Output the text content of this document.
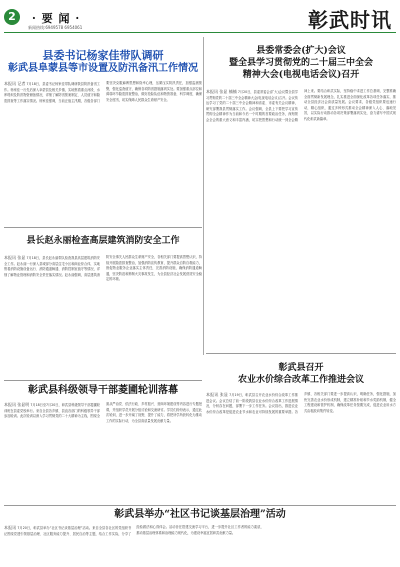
2	· 要 闻 ·
新闻热线:6949578 6954061	彰武时讯
县委书记杨家佳带队调研
彰武县阜蒙县等市设置及防汛备汛工作情况
本报讯 记者 7月18日，县委书记杨家佳带队调研我县防汛备汛工作。杨家佳一行先后深入阜蒙县及相关乡镇，实地察看重点河段、水库堤坝及防汛物资储备情况，详细了解防汛预案制定、人员值守和隐患排查等工作落实情况。杨家佳强调，当前正值主汛期，各级各部门要坚决克服麻痹思想和侥幸心理，压紧压实防汛责任，加强监测预警，强化巡查值守，确保各项防汛措施落到实处。要加强重点部位和薄弱环节隐患排查整治，做好抢险队伍和物资准备，科学调度，确保安全度汛，切实保障人民群众生命财产安全。
县长赵永丽检查高层建筑消防安全工作
本报讯 张显 7月18日，县长赵永丽带队检查我县高层建筑消防安全工作。赵永丽一行深入县城部分高层住宅小区和商业综合体，实地察看消防设施设备运行、消防通道畅通、消防控制室值守等情况，详细了解物业管理和消防安全责任落实情况。赵永丽强调，高层建筑消防安全事关人民群众生命财产安全，各相关部门要提高思想认识，持续开展隐患排查整治，加强消防宣传教育，提升群众自防自救能力，督促物业服务企业落实主体责任，完善消防设施，确保消防通道畅通，坚决防范和遏制火灾事故发生，为全县经济社会发展营造安全稳定的环境。
县委常委会(扩大)会议
暨全县学习贯彻党的二十届三中全会
精神大会(电视电话会议)召开
本报讯 张显 楠楠 7月20日，县委常委会(扩大)会议暨全县学习贯彻党的二十届三中全会精神大会(电视电话会议)召开。会议传达学习了党的二十届三中全会精神和省委、市委有关会议精神，研究部署我县贯彻落实工作。会议强调，全县上下要把学习宣传贯彻全会精神作为当前和今后一个时期的首要政治任务，深刻领会全会的重大意义和丰富内涵，切实把思想和行动统一到全会精神上来。要结合彰武实际，坚持稳中求进工作总基调，完整准确全面贯彻新发展理念，扎实推进全面深化改革各项任务落实，推动全县经济社会高质量发展。会议要求，各级党组织要迅速行动，精心组织，通过多种形式推动全会精神深入人心、落地见效，以实际行动推动各项决策部署落到实处，奋力谱写中国式现代化彰武新篇章。
彰武县科级领导干部菱圃轮训落幕
本报讯 张显明 7月18日至7月20日，彰武县科级领导干部菱圃轮训班在县委党校举行。来自全县各乡镇、县直各部门的科级领导干部参加轮训。此次轮训以深入学习贯彻党的二十大精神为主线，围绕全面从严治党、依法行政、乡村振兴、营商环境建设等内容进行专题授课，并组织学员开展分组讨论和交流研讨。学员们纷纷表示，通过此次轮训，进一步开阔了视野，提升了能力，将把所学所获转化为推动工作的实际行动，为全县高质量发展贡献力量。
彰武县召开
农业水价综合改革工作推进会议
本报讯 张显 7月19日，彰武县召开农业水价综合改革工作推进会议。会议总结了前一阶段我县农业水价综合改革工作进展情况，分析存在问题，部署下一步工作任务。会议指出，推进农业水价综合改革是促进农业节水和农业可持续发展的重要举措。各乡镇、各相关部门要进一步提高认识，明确任务，强化措施，加快完善农业水价形成机制，建立精准补贴和节水奖励机制，健全工程建设和管护机制，确保改革任务按期完成，促进农业用水方式由粗放向集约转变。
彰武县举办“社区书记谈基层治理”活动
本报讯 7月20日，彰武县举办“社区书记谈基层治理”活动。来自全县各社区的党组织书记围绕党建引领基层治理、社区服务能力提升、居民自治等主题，结合工作实际，分享了经验做法和心得体会。活动旨在搭建交流学习平台，进一步提升社区工作者的能力素质，推动基层治理体系和治理能力现代化，为建设幸福宜居彰武贡献力量。
